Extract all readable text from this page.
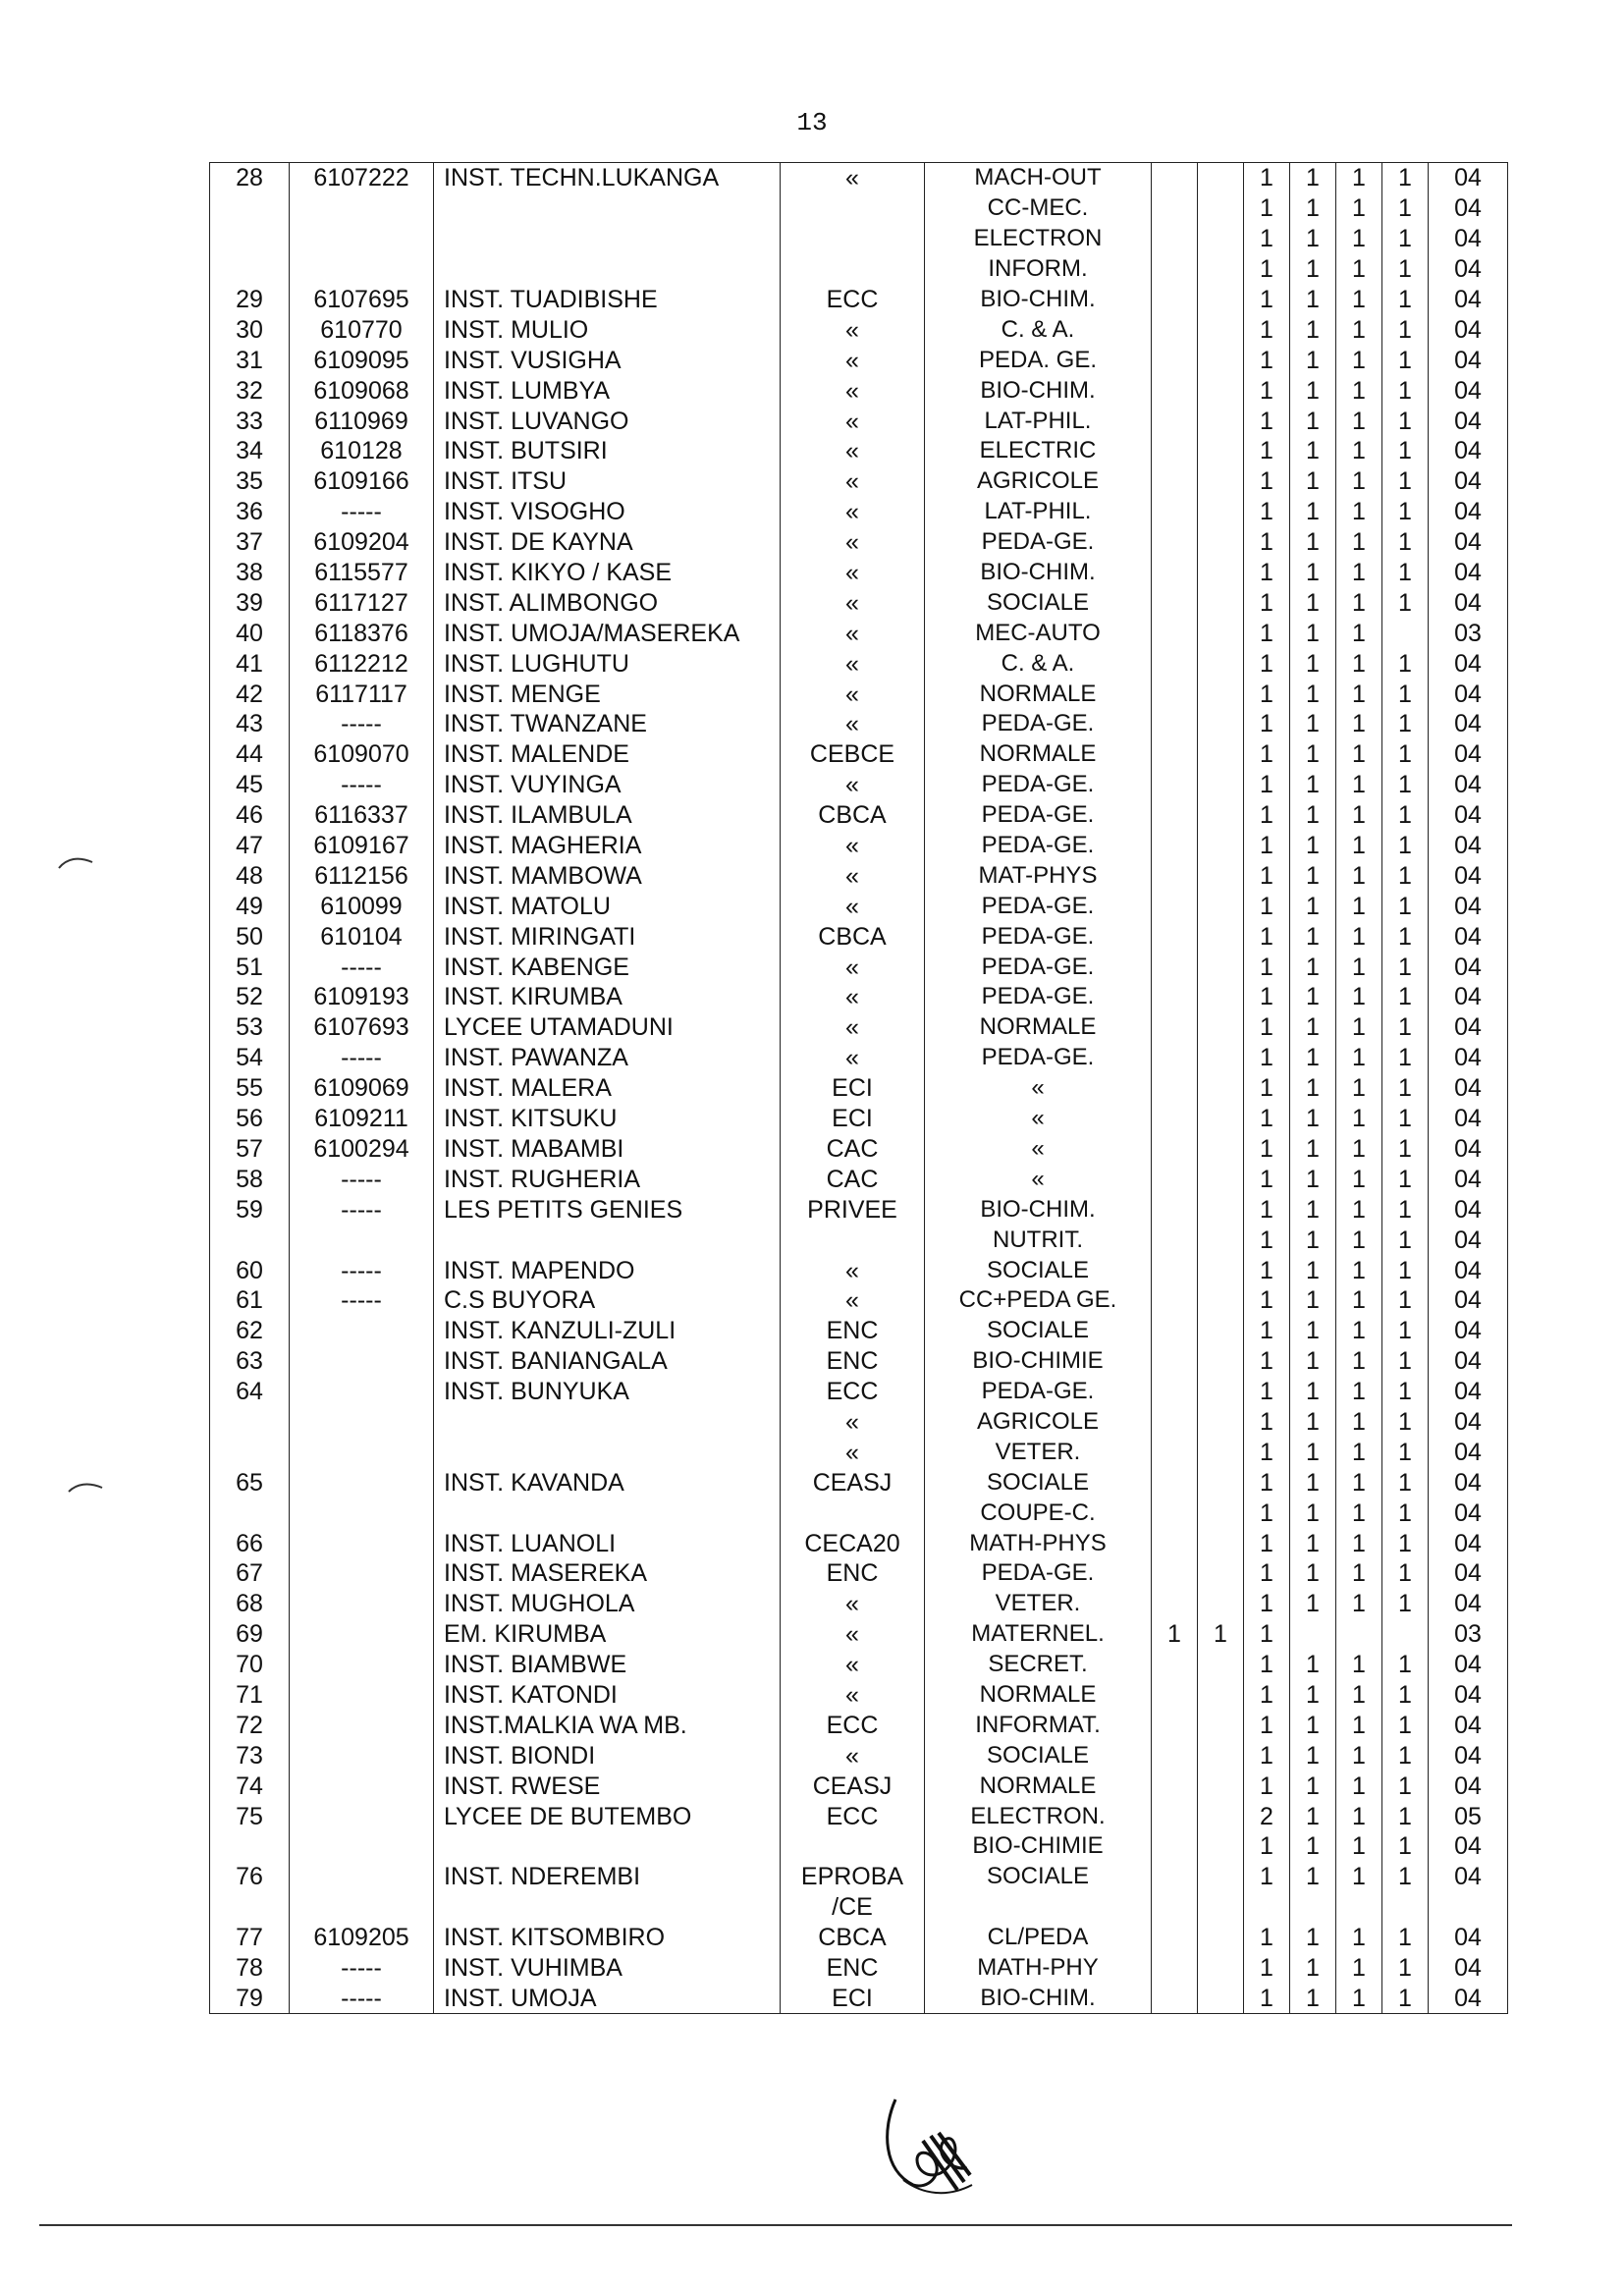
13
28	6107222	INST. TECHN.LUKANGA	«	MACH-OUT			1	1	1	1	04
				CC-MEC.			1	1	1	1	04
				ELECTRON			1	1	1	1	04
				INFORM.			1	1	1	1	04
29	6107695	INST. TUADIBISHE	ECC	BIO-CHIM.			1	1	1	1	04
30	610770	INST. MULIO	«	C. & A.			1	1	1	1	04
31	6109095	INST. VUSIGHA	«	PEDA. GE.			1	1	1	1	04
32	6109068	INST. LUMBYA	«	BIO-CHIM.			1	1	1	1	04
33	6110969	INST. LUVANGO	«	LAT-PHIL.			1	1	1	1	04
34	610128	INST. BUTSIRI	«	ELECTRIC			1	1	1	1	04
35	6109166	INST. ITSU	«	AGRICOLE			1	1	1	1	04
36	-----	INST. VISOGHO	«	LAT-PHIL.			1	1	1	1	04
37	6109204	INST. DE KAYNA	«	PEDA-GE.			1	1	1	1	04
38	6115577	INST. KIKYO / KASE	«	BIO-CHIM.			1	1	1	1	04
39	6117127	INST. ALIMBONGO	«	SOCIALE			1	1	1	1	04
40	6118376	INST. UMOJA/MASEREKA	«	MEC-AUTO			1	1	1		03
41	6112212	INST. LUGHUTU	«	C. & A.			1	1	1	1	04
42	6117117	INST. MENGE	«	NORMALE			1	1	1	1	04
43	-----	INST. TWANZANE	«	PEDA-GE.			1	1	1	1	04
44	6109070	INST. MALENDE	CEBCE	NORMALE			1	1	1	1	04
45	-----	INST. VUYINGA	«	PEDA-GE.			1	1	1	1	04
46	6116337	INST. ILAMBULA	CBCA	PEDA-GE.			1	1	1	1	04
47	6109167	INST. MAGHERIA	«	PEDA-GE.			1	1	1	1	04
48	6112156	INST. MAMBOWA	«	MAT-PHYS			1	1	1	1	04
49	610099	INST. MATOLU	«	PEDA-GE.			1	1	1	1	04
50	610104	INST. MIRINGATI	CBCA	PEDA-GE.			1	1	1	1	04
51	-----	INST. KABENGE	«	PEDA-GE.			1	1	1	1	04
52	6109193	INST. KIRUMBA	«	PEDA-GE.			1	1	1	1	04
53	6107693	LYCEE UTAMADUNI	«	NORMALE			1	1	1	1	04
54	-----	INST. PAWANZA	«	PEDA-GE.			1	1	1	1	04
55	6109069	INST. MALERA	ECI	«			1	1	1	1	04
56	6109211	INST. KITSUKU	ECI	«			1	1	1	1	04
57	6100294	INST. MABAMBI	CAC	«			1	1	1	1	04
58	-----	INST. RUGHERIA	CAC	«			1	1	1	1	04
59	-----	LES PETITS GENIES	PRIVEE	BIO-CHIM.			1	1	1	1	04
				NUTRIT.			1	1	1	1	04
60	-----	INST. MAPENDO	«	SOCIALE			1	1	1	1	04
61	-----	C.S BUYORA	«	CC+PEDA GE.			1	1	1	1	04
62		INST. KANZULI-ZULI	ENC	SOCIALE			1	1	1	1	04
63		INST. BANIANGALA	ENC	BIO-CHIMIE			1	1	1	1	04
64		INST. BUNYUKA	ECC	PEDA-GE.			1	1	1	1	04
			«	AGRICOLE			1	1	1	1	04
			«	VETER.			1	1	1	1	04
65		INST. KAVANDA	CEASJ	SOCIALE			1	1	1	1	04
				COUPE-C.			1	1	1	1	04
66		INST. LUANOLI	CECA20	MATH-PHYS			1	1	1	1	04
67		INST. MASEREKA	ENC	PEDA-GE.			1	1	1	1	04
68		INST. MUGHOLA	«	VETER.			1	1	1	1	04
69		EM. KIRUMBA	«	MATERNEL.	1	1	1				03
70		INST. BIAMBWE	«	SECRET.			1	1	1	1	04
71		INST. KATONDI	«	NORMALE			1	1	1	1	04
72		INST.MALKIA WA MB.	ECC	INFORMAT.			1	1	1	1	04
73		INST. BIONDI	«	SOCIALE			1	1	1	1	04
74		INST. RWESE	CEASJ	NORMALE			1	1	1	1	04
75		LYCEE DE BUTEMBO	ECC	ELECTRON.			2	1	1	1	05
				BIO-CHIMIE			1	1	1	1	04
76		INST. NDEREMBI	EPROBA	SOCIALE			1	1	1	1	04
			/CE								
77	6109205	INST. KITSOMBIRO	CBCA	CL/PEDA			1	1	1	1	04
78	-----	INST. VUHIMBA	ENC	MATH-PHY			1	1	1	1	04
79	-----	INST. UMOJA	ECI	BIO-CHIM.			1	1	1	1	04
